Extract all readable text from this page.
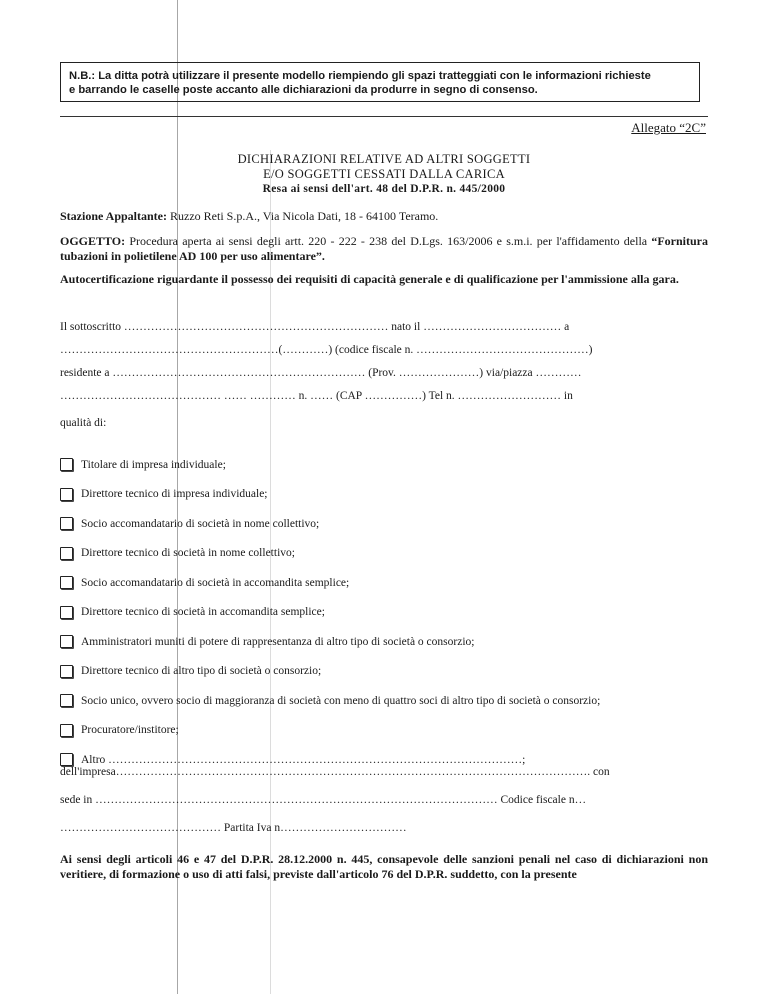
N.B.: La ditta potrà utilizzare il presente modello riempiendo gli spazi tratteggiati con le informazioni richieste
e barrando le caselle poste accanto alle dichiarazioni da produrre in segno di consenso.
Allegato “2C”
DICHIARAZIONI RELATIVE AD ALTRI SOGGETTI
E/O SOGGETTI CESSATI DALLA CARICA
Resa ai sensi dell'art. 48 del D.P.R. n. 445/2000
Stazione Appaltante: Ruzzo Reti S.p.A., Via Nicola Dati, 18 - 64100 Teramo.
OGGETTO: Procedura aperta ai sensi degli artt. 220 - 222 - 238 del D.Lgs. 163/2006 e s.m.i. per l'affidamento della “Fornitura tubazioni in polietilene AD 100 per uso alimentare”.
Autocertificazione riguardante il possesso dei requisiti di capacità generale e di qualificazione per l'ammissione alla gara.
Il sottoscritto …………………………………………………………… nato il ……………………………… a
…………………………………………………(…………) (codice fiscale n. ………………………………………)
residente a ………………………………………………………… (Prov. …………………) via/piazza …………
…………………………………… …… ………… n. …… (CAP ……………) Tel n. ……………………… in
qualità di:
Titolare di impresa individuale;
Direttore tecnico di impresa individuale;
Socio accomandatario di società in nome collettivo;
Direttore tecnico di società in nome collettivo;
Socio accomandatario di società in accomandita semplice;
Direttore tecnico di società in accomandita semplice;
Amministratori muniti di potere di rappresentanza di altro tipo di società o consorzio;
Direttore tecnico di altro tipo di società o consorzio;
Socio unico, ovvero socio di maggioranza di società con meno di quattro soci di altro tipo di società o consorzio;
Procuratore/institore;
Altro ………………………………………………………………………………………………;
dell'impresa……………………………………………………………………………………………………………. con
sede in …………………………………………………………………………………………… Codice fiscale n…
…………………………………… Partita Iva n……………………………
Ai sensi degli articoli 46 e 47 del D.P.R. 28.12.2000 n. 445, consapevole delle sanzioni penali nel caso di dichiarazioni non veritiere, di formazione o uso di atti falsi, previste dall'articolo 76 del D.P.R. suddetto, con la presente
